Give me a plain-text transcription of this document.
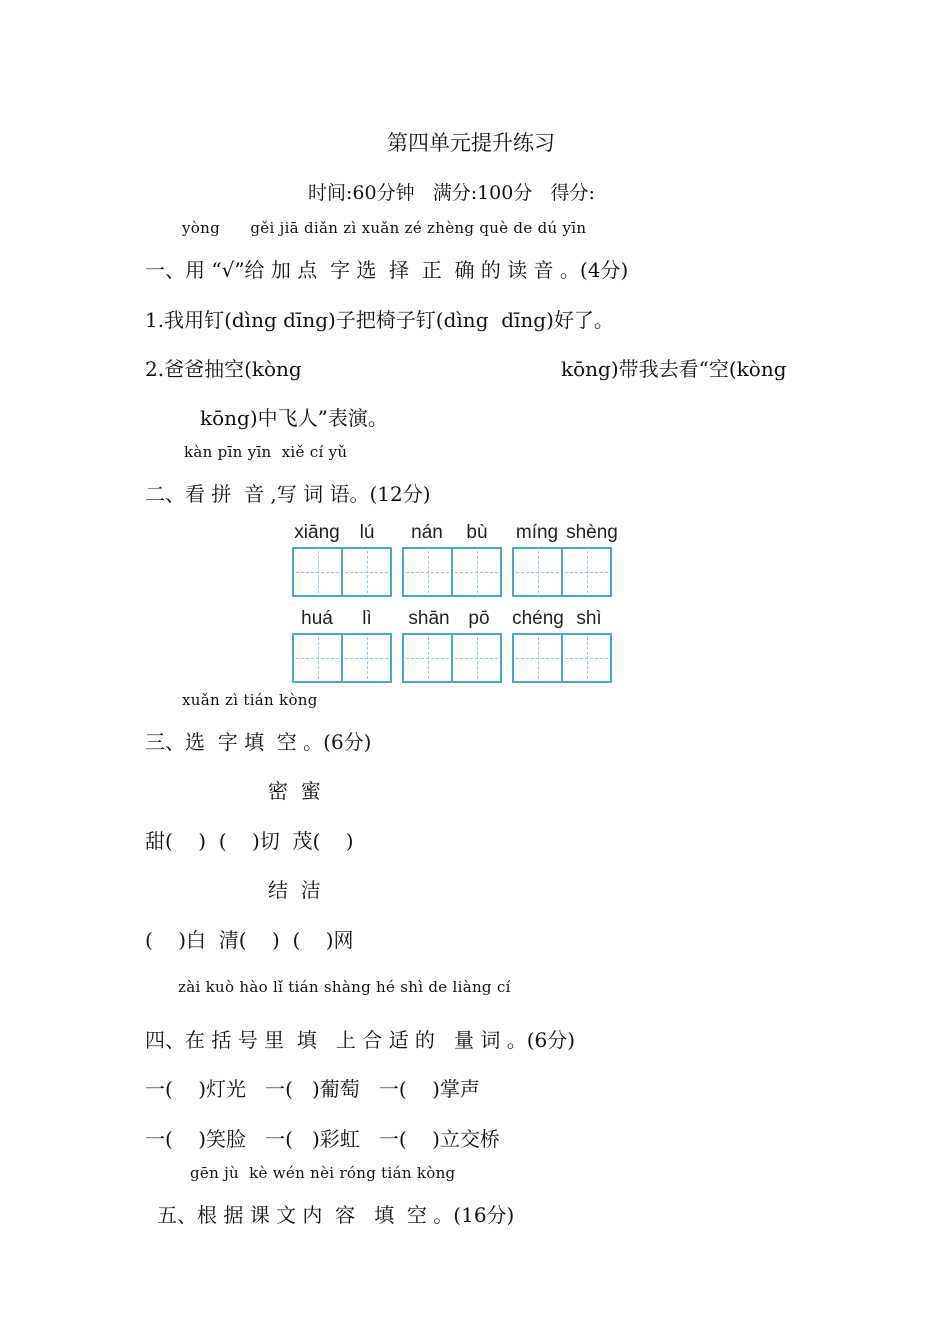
第四单元提升练习
时间:60分钟   满分:100分   得分:
yòng      gěi jiā diǎn zì xuǎn zé zhèng què de dú yīn
一、用 “√”给 加 点  字 选  择  正  确 的 读 音 。(4分)
1.我用钉(dìng dīng)子把椅子钉(dìng  dīng)好了。
2.爸爸抽空(kòng	kōng)带我去看“空(kòng
kōng)中飞人”表演。
kàn pīn yīn  xiě cí yǔ
二、看 拼  音 ,写 词 语。(12分)
xiāng	lú	nán	bù	míng shèng
huá	lì	shān pō	chéng shì
xuǎn zì tián kòng
三、选  字 填  空 。(6分)
密  蜜
甜(    )  (    )切  茂(    )
结  洁
(    )白  清(    )  (    )网
zài kuò hào lǐ tián shàng hé shì de liàng cí
四、在 括 号 里  填   上 合 适 的   量 词 。(6分)
一(    )灯光   一(   )葡萄   一(    )掌声
一(    )笑脸   一(   )彩虹   一(    )立交桥
gēn jù  kè wén nèi róng tián kòng
五、根 据 课 文 内  容   填  空 。(16分)
